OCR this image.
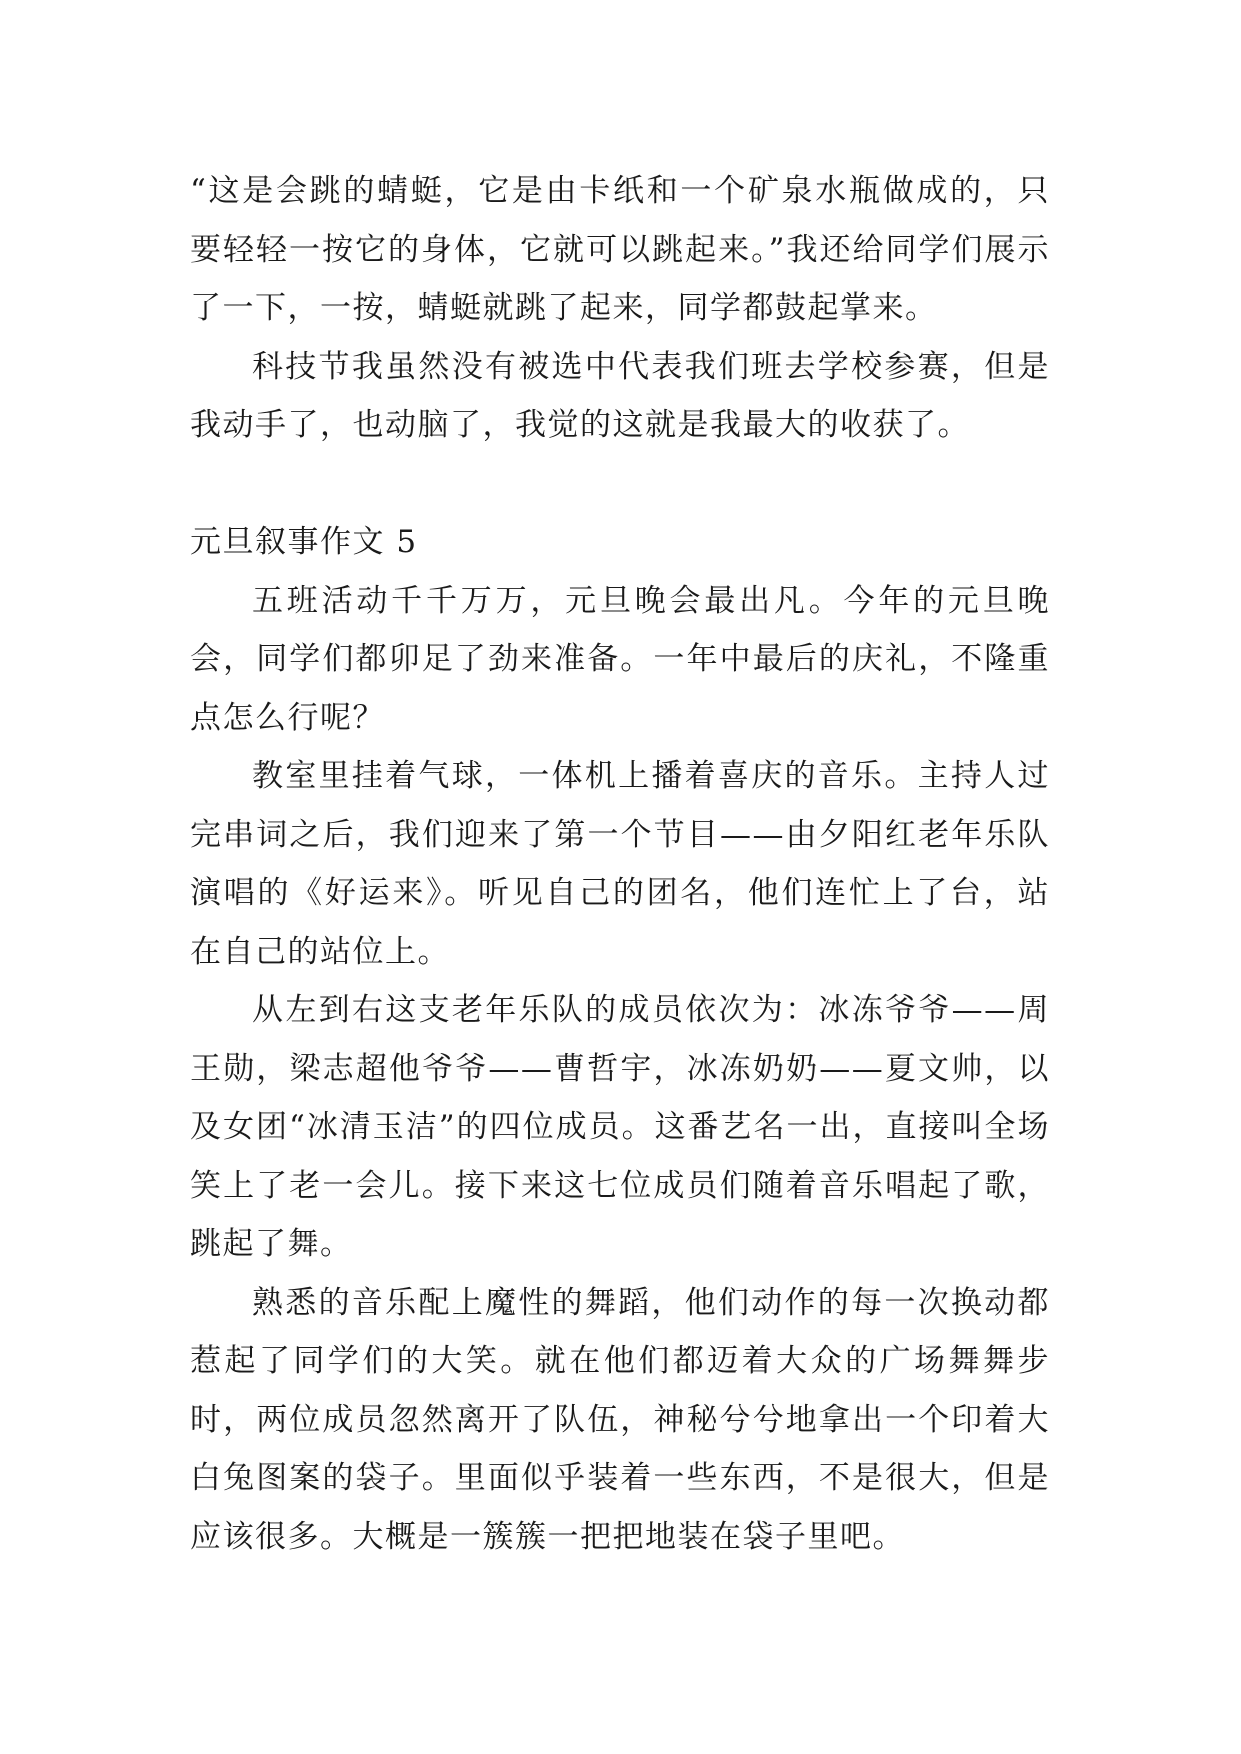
“这是会跳的蜻蜓，它是由卡纸和一个矿泉水瓶做成的，只要轻轻一按它的身体，它就可以跳起来。”我还给同学们展示了一下，一按，蜻蜓就跳了起来，同学都鼓起掌来。

科技节我虽然没有被选中代表我们班去学校参赛，但是我动手了，也动脑了，我觉的这就是我最大的收获了。

元旦叙事作文 5

五班活动千千万万，元旦晚会最出凡。今年的元旦晚会，同学们都卯足了劲来准备。一年中最后的庆礼，不隆重点怎么行呢？

教室里挂着气球，一体机上播着喜庆的音乐。主持人过完串词之后，我们迎来了第一个节目——由夕阳红老年乐队演唱的《好运来》。听见自己的团名，他们连忙上了台，站在自己的站位上。

从左到右这支老年乐队的成员依次为：冰冻爷爷——周王勋，梁志超他爷爷——曹哲宇，冰冻奶奶——夏文帅，以及女团“冰清玉洁”的四位成员。这番艺名一出，直接叫全场笑上了老一会儿。接下来这七位成员们随着音乐唱起了歌，跳起了舞。

熟悉的音乐配上魔性的舞蹈，他们动作的每一次换动都惹起了同学们的大笑。就在他们都迈着大众的广场舞舞步时，两位成员忽然离开了队伍，神秘兮兮地拿出一个印着大白兔图案的袋子。里面似乎装着一些东西，不是很大，但是应该很多。大概是一簇簇一把把地装在袋子里吧。
